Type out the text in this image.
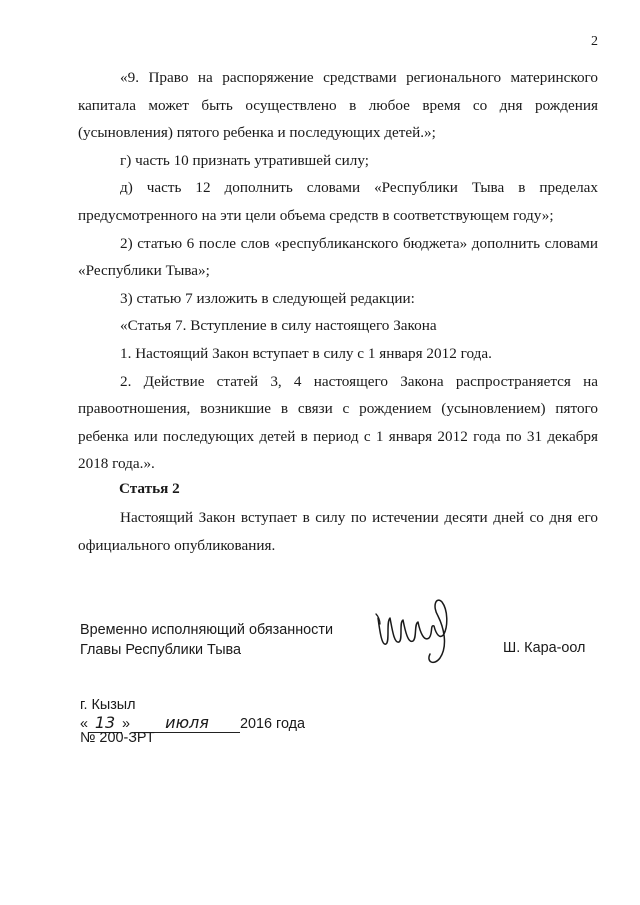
2

«9. Право на распоряжение средствами регионального материнского капитала может быть осуществлено в любое время со дня рождения (усыновления) пятого ребенка и последующих детей.»;

г) часть 10 признать утратившей силу;

д) часть 12 дополнить словами «Республики Тыва в пределах предусмотренного на эти цели объема средств в соответствующем году»;

2) статью 6 после слов «республиканского бюджета» дополнить словами «Республики Тыва»;

3) статью 7 изложить в следующей редакции:

«Статья 7. Вступление в силу настоящего Закона

1. Настоящий Закон вступает в силу с 1 января 2012 года.

2. Действие статей 3, 4 настоящего Закона распространяется на правоотношения, возникшие в связи с рождением (усыновлением) пятого ребенка или последующих детей в период с 1 января 2012 года по 31 декабря 2018 года.».

Статья 2

Настоящий Закон вступает в силу по истечении десяти дней со дня его официального опубликования.

Временно исполняющий обязанности
Главы Республики Тыва	Ш. Кара-оол
г. Кызыл
« 13 » июля 2016 года
№ 200-ЗРТ
